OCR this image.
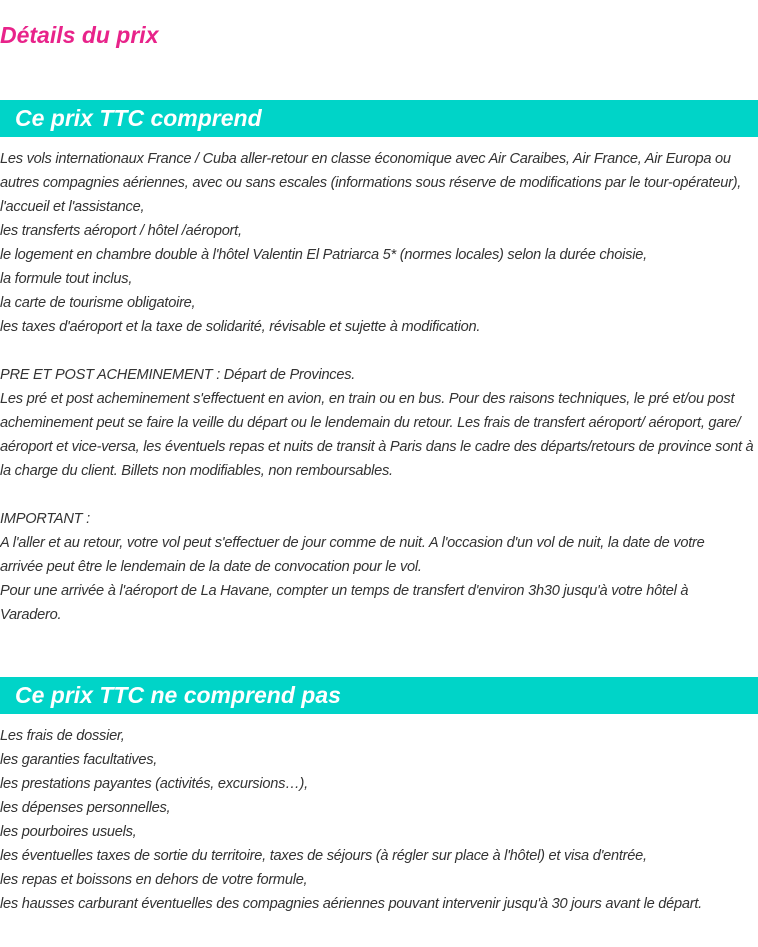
Détails du prix
Ce prix TTC comprend
Les vols internationaux France / Cuba aller-retour en classe économique avec Air Caraibes, Air France, Air Europa ou
autres compagnies aériennes, avec ou sans escales (informations sous réserve de modifications par le tour-opérateur),
l'accueil et l'assistance,
les transferts aéroport / hôtel /aéroport,
le logement en chambre double à l'hôtel Valentin El Patriarca 5* (normes locales) selon la durée choisie,
la formule tout inclus,
la carte de tourisme obligatoire,
les taxes d'aéroport et la taxe de solidarité, révisable et sujette à modification.
PRE ET POST ACHEMINEMENT : Départ de Provinces.
Les pré et post acheminement s'effectuent en avion, en train ou en bus. Pour des raisons techniques, le pré et/ou post
acheminement peut se faire la veille du départ ou le lendemain du retour. Les frais de transfert aéroport/ aéroport, gare/
aéroport et vice-versa, les éventuels repas et nuits de transit à Paris dans le cadre des départs/retours de province sont à
la charge du client. Billets non modifiables, non remboursables.
IMPORTANT :
A l'aller et au retour, votre vol peut s'effectuer de jour comme de nuit. A l'occasion d'un vol de nuit, la date de votre
arrivée peut être le lendemain de la date de convocation pour le vol.
Pour une arrivée à l'aéroport de La Havane, compter un temps de transfert d'environ 3h30 jusqu'à votre hôtel à
Varadero.
Ce prix TTC ne comprend pas
Les frais de dossier,
les garanties facultatives,
les prestations payantes (activités, excursions…),
les dépenses personnelles,
les pourboires usuels,
les éventuelles taxes de sortie du territoire, taxes de séjours (à régler sur place à l'hôtel) et visa d'entrée,
les repas et boissons en dehors de votre formule,
les hausses carburant éventuelles des compagnies aériennes pouvant intervenir jusqu'à 30 jours avant le départ.
